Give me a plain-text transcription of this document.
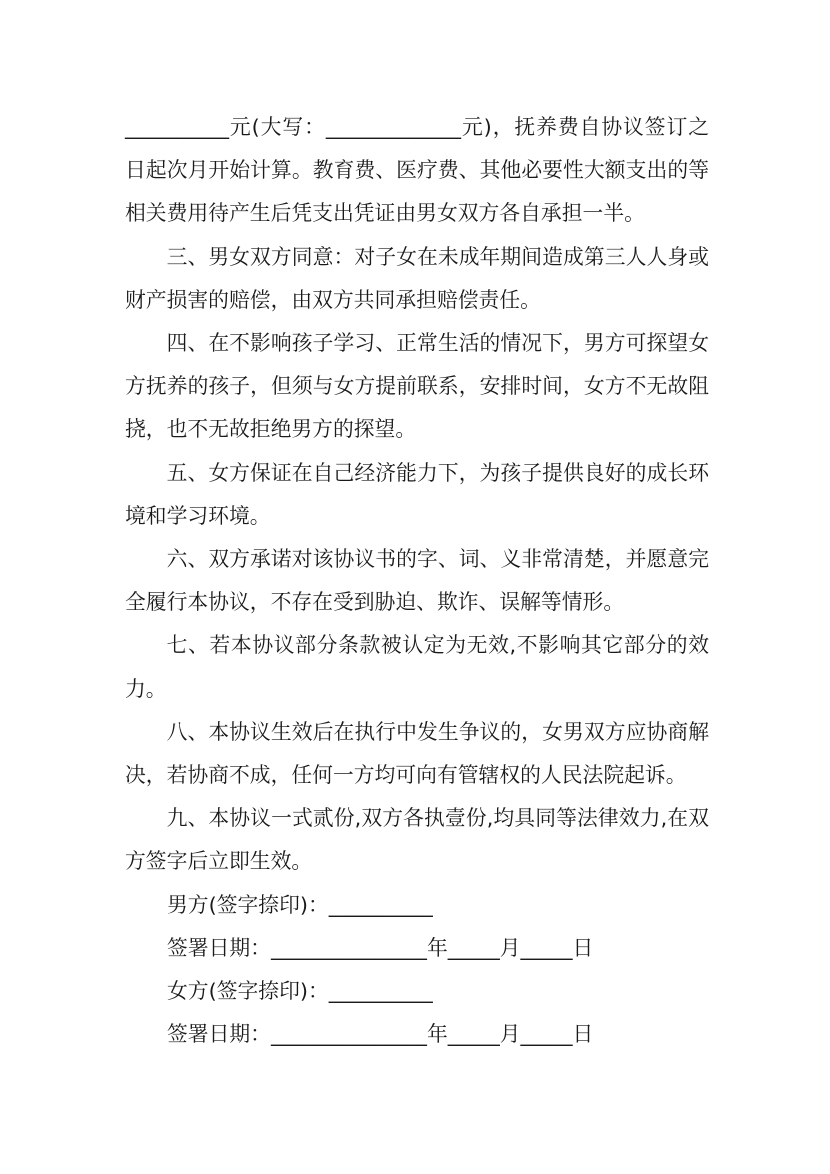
__________元(大写：_____________元)，抚养费自协议签订之日起次月开始计算。教育费、医疗费、其他必要性大额支出的等相关费用待产生后凭支出凭证由男女双方各自承担一半。

三、男女双方同意：对子女在未成年期间造成第三人人身或财产损害的赔偿，由双方共同承担赔偿责任。

四、在不影响孩子学习、正常生活的情况下，男方可探望女方抚养的孩子，但须与女方提前联系，安排时间，女方不无故阻挠，也不无故拒绝男方的探望。

五、女方保证在自己经济能力下，为孩子提供良好的成长环境和学习环境。

六、双方承诺对该协议书的字、词、义非常清楚，并愿意完全履行本协议，不存在受到胁迫、欺诈、误解等情形。

七、若本协议部分条款被认定为无效,不影响其它部分的效力。

八、本协议生效后在执行中发生争议的，女男双方应协商解决，若协商不成，任何一方均可向有管辖权的人民法院起诉。

九、本协议一式贰份,双方各执壹份,均具同等法律效力,在双方签字后立即生效。

男方(签字捺印)：__________

签署日期：_______________年_____月_____日

女方(签字捺印)：__________

签署日期：_______________年_____月_____日
